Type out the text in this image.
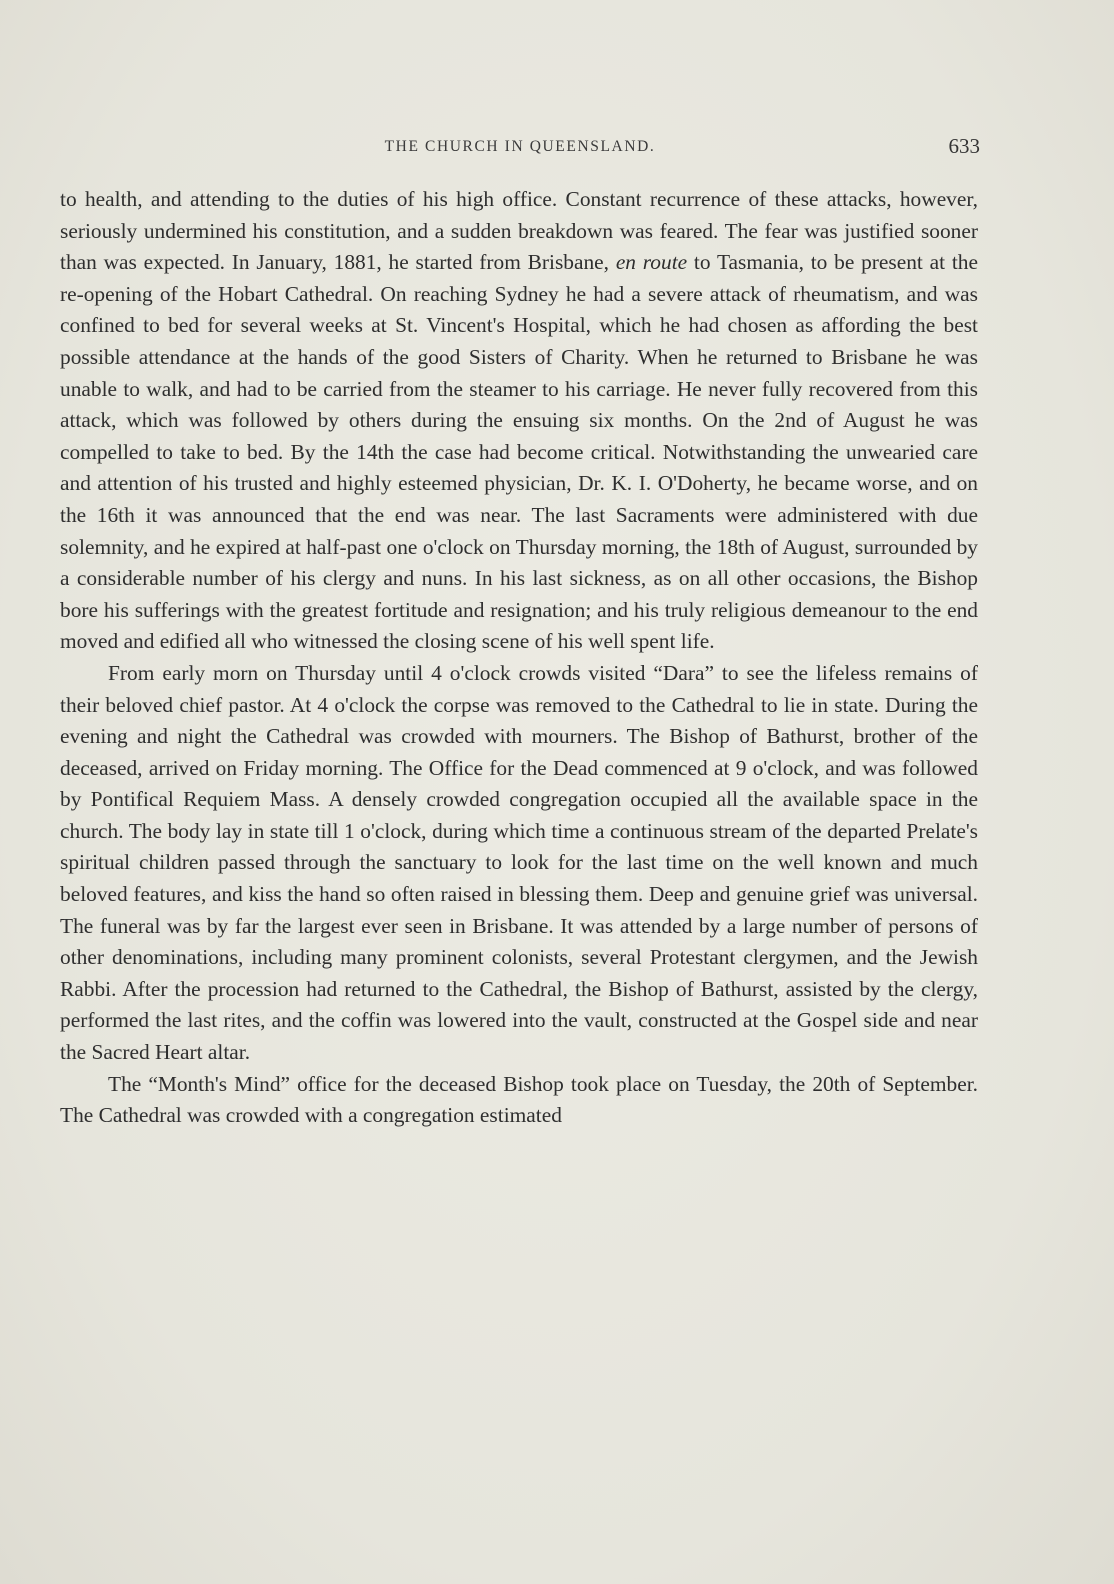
THE CHURCH IN QUEENSLAND.	633

to health, and attending to the duties of his high office. Constant recurrence of these attacks, however, seriously undermined his constitution, and a sudden breakdown was feared. The fear was justified sooner than was expected. In January, 1881, he started from Brisbane, en route to Tasmania, to be present at the re-opening of the Hobart Cathedral. On reaching Sydney he had a severe attack of rheumatism, and was confined to bed for several weeks at St. Vincent's Hospital, which he had chosen as affording the best possible attendance at the hands of the good Sisters of Charity. When he returned to Brisbane he was unable to walk, and had to be carried from the steamer to his carriage. He never fully recovered from this attack, which was followed by others during the ensuing six months. On the 2nd of August he was compelled to take to bed. By the 14th the case had become critical. Notwithstanding the unwearied care and attention of his trusted and highly esteemed physician, Dr. K. I. O'Doherty, he became worse, and on the 16th it was announced that the end was near. The last Sacraments were administered with due solemnity, and he expired at half-past one o'clock on Thursday morning, the 18th of August, surrounded by a considerable number of his clergy and nuns. In his last sickness, as on all other occasions, the Bishop bore his sufferings with the greatest fortitude and resignation; and his truly religious demeanour to the end moved and edified all who witnessed the closing scene of his well spent life.

From early morn on Thursday until 4 o'clock crowds visited “Dara” to see the lifeless remains of their beloved chief pastor. At 4 o'clock the corpse was removed to the Cathedral to lie in state. During the evening and night the Cathedral was crowded with mourners. The Bishop of Bathurst, brother of the deceased, arrived on Friday morning. The Office for the Dead commenced at 9 o'clock, and was followed by Pontifical Requiem Mass. A densely crowded congregation occupied all the available space in the church. The body lay in state till 1 o'clock, during which time a continuous stream of the departed Prelate's spiritual children passed through the sanctuary to look for the last time on the well known and much beloved features, and kiss the hand so often raised in blessing them. Deep and genuine grief was universal. The funeral was by far the largest ever seen in Brisbane. It was attended by a large number of persons of other denominations, including many prominent colonists, several Protestant clergymen, and the Jewish Rabbi. After the procession had returned to the Cathedral, the Bishop of Bathurst, assisted by the clergy, performed the last rites, and the coffin was lowered into the vault, constructed at the Gospel side and near the Sacred Heart altar.

The “Month's Mind” office for the deceased Bishop took place on Tuesday, the 20th of September. The Cathedral was crowded with a congregation estimated
